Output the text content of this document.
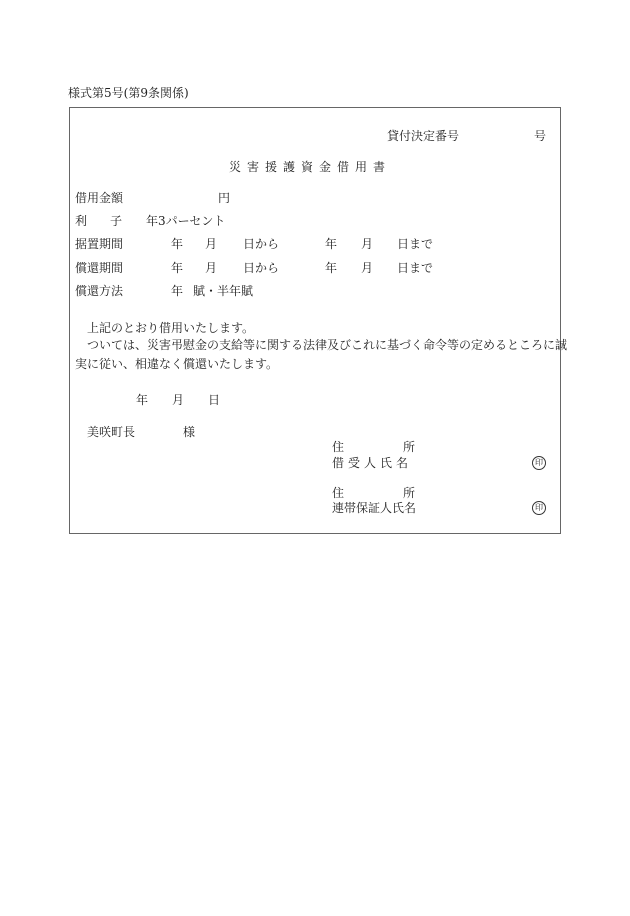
様式第5号(第9条関係)
貸付決定番号	号
災害援護資金借用書
借用金額	円
利 子 年3パーセント
据置期間	年 月 日から	年 月 日まで
償還期間	年 月 日から	年 月 日まで
償還方法	年 賦・半年賦
上記のとおり借用いたします。
ついては、災害弔慰金の支給等に関する法律及びこれに基づく命令等の定めるところに誠
実に従い、相違なく償還いたします。
年 月 日
美咲町長	様
住	所
借受人氏名	印
住	所
連帯保証人氏名	印
